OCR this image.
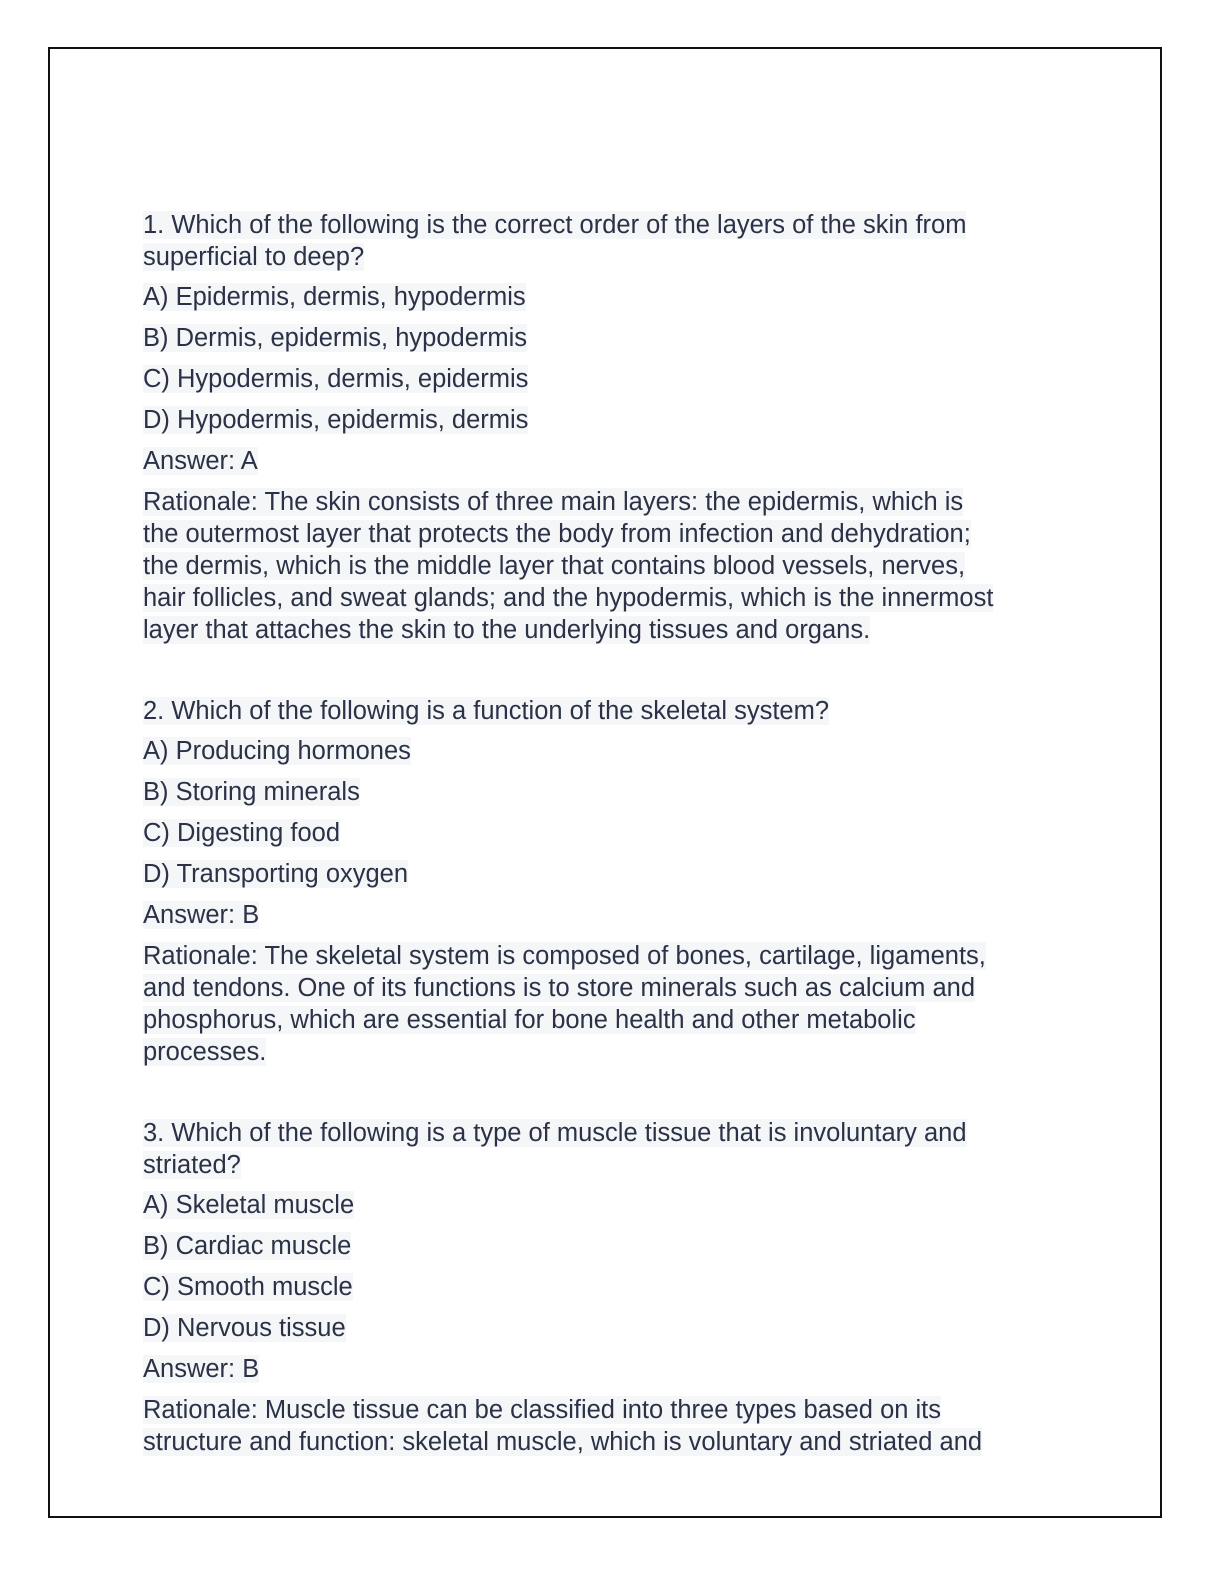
1. Which of the following is the correct order of the layers of the skin from
superficial to deep?
A) Epidermis, dermis, hypodermis
B) Dermis, epidermis, hypodermis
C) Hypodermis, dermis, epidermis
D) Hypodermis, epidermis, dermis
Answer: A
Rationale: The skin consists of three main layers: the epidermis, which is
the outermost layer that protects the body from infection and dehydration;
the dermis, which is the middle layer that contains blood vessels, nerves,
hair follicles, and sweat glands; and the hypodermis, which is the innermost
layer that attaches the skin to the underlying tissues and organs.
2. Which of the following is a function of the skeletal system?
A) Producing hormones
B) Storing minerals
C) Digesting food
D) Transporting oxygen
Answer: B
Rationale: The skeletal system is composed of bones, cartilage, ligaments,
and tendons. One of its functions is to store minerals such as calcium and
phosphorus, which are essential for bone health and other metabolic
processes.
3. Which of the following is a type of muscle tissue that is involuntary and
striated?
A) Skeletal muscle
B) Cardiac muscle
C) Smooth muscle
D) Nervous tissue
Answer: B
Rationale: Muscle tissue can be classified into three types based on its
structure and function: skeletal muscle, which is voluntary and striated and
